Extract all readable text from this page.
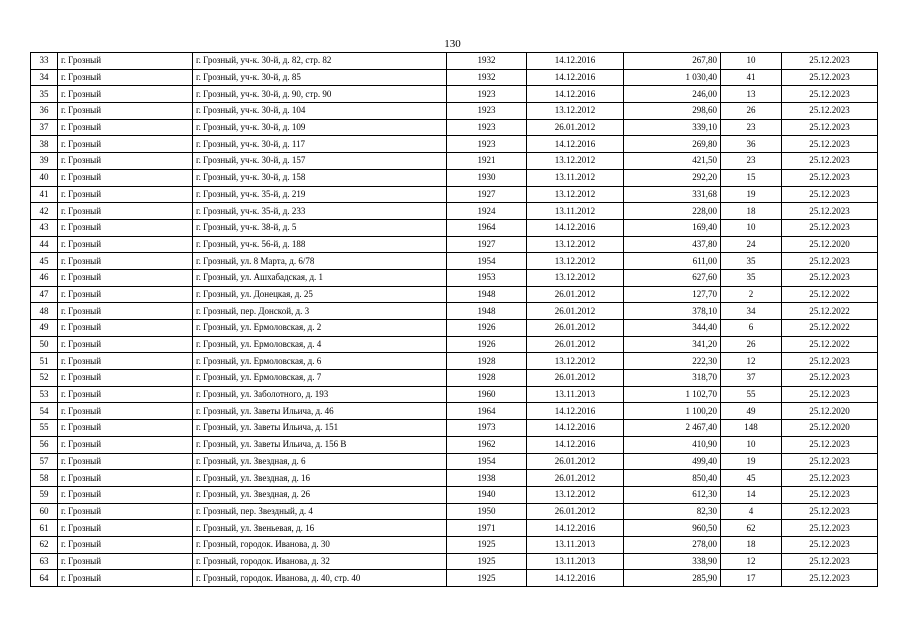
130
33	г. Грозный	г. Грозный, уч-к. 30-й, д. 82, стр. 82	1932	14.12.2016	267,80	10	25.12.2023
34	г. Грозный	г. Грозный, уч-к. 30-й, д. 85	1932	14.12.2016	1 030,40	41	25.12.2023
35	г. Грозный	г. Грозный, уч-к. 30-й, д. 90, стр. 90	1923	14.12.2016	246,00	13	25.12.2023
36	г. Грозный	г. Грозный, уч-к. 30-й, д. 104	1923	13.12.2012	298,60	26	25.12.2023
37	г. Грозный	г. Грозный, уч-к. 30-й, д. 109	1923	26.01.2012	339,10	23	25.12.2023
38	г. Грозный	г. Грозный, уч-к. 30-й, д. 117	1923	14.12.2016	269,80	36	25.12.2023
39	г. Грозный	г. Грозный, уч-к. 30-й, д. 157	1921	13.12.2012	421,50	23	25.12.2023
40	г. Грозный	г. Грозный, уч-к. 30-й, д. 158	1930	13.11.2012	292,20	15	25.12.2023
41	г. Грозный	г. Грозный, уч-к. 35-й, д. 219	1927	13.12.2012	331,68	19	25.12.2023
42	г. Грозный	г. Грозный, уч-к. 35-й, д. 233	1924	13.11.2012	228,00	18	25.12.2023
43	г. Грозный	г. Грозный, уч-к. 38-й, д. 5	1964	14.12.2016	169,40	10	25.12.2023
44	г. Грозный	г. Грозный, уч-к. 56-й, д. 188	1927	13.12.2012	437,80	24	25.12.2020
45	г. Грозный	г. Грозный, ул. 8 Марта, д. 6/78	1954	13.12.2012	611,00	35	25.12.2023
46	г. Грозный	г. Грозный, ул. Ашхабадская, д. 1	1953	13.12.2012	627,60	35	25.12.2023
47	г. Грозный	г. Грозный, ул. Донецкая, д. 25	1948	26.01.2012	127,70	2	25.12.2022
48	г. Грозный	г. Грозный, пер. Донской, д. 3	1948	26.01.2012	378,10	34	25.12.2022
49	г. Грозный	г. Грозный, ул. Ермоловская, д. 2	1926	26.01.2012	344,40	6	25.12.2022
50	г. Грозный	г. Грозный, ул. Ермоловская, д. 4	1926	26.01.2012	341,20	26	25.12.2022
51	г. Грозный	г. Грозный, ул. Ермоловская, д. 6	1928	13.12.2012	222,30	12	25.12.2023
52	г. Грозный	г. Грозный, ул. Ермоловская, д. 7	1928	26.01.2012	318,70	37	25.12.2023
53	г. Грозный	г. Грозный, ул. Заболотного, д. 193	1960	13.11.2013	1 102,70	55	25.12.2023
54	г. Грозный	г. Грозный, ул. Заветы Ильича, д. 46	1964	14.12.2016	1 100,20	49	25.12.2020
55	г. Грозный	г. Грозный, ул. Заветы Ильича, д. 151	1973	14.12.2016	2 467,40	148	25.12.2020
56	г. Грозный	г. Грозный, ул. Заветы Ильича, д. 156 В	1962	14.12.2016	410,90	10	25.12.2023
57	г. Грозный	г. Грозный, ул. Звездная, д. 6	1954	26.01.2012	499,40	19	25.12.2023
58	г. Грозный	г. Грозный, ул. Звездная, д. 16	1938	26.01.2012	850,40	45	25.12.2023
59	г. Грозный	г. Грозный, ул. Звездная, д. 26	1940	13.12.2012	612,30	14	25.12.2023
60	г. Грозный	г. Грозный, пер. Звездный, д. 4	1950	26.01.2012	82,30	4	25.12.2023
61	г. Грозный	г. Грозный, ул. Звеньевая, д. 16	1971	14.12.2016	960,50	62	25.12.2023
62	г. Грозный	г. Грозный, городок. Иванова, д. 30	1925	13.11.2013	278,00	18	25.12.2023
63	г. Грозный	г. Грозный, городок. Иванова, д. 32	1925	13.11.2013	338,90	12	25.12.2023
64	г. Грозный	г. Грозный, городок. Иванова, д. 40, стр. 40	1925	14.12.2016	285,90	17	25.12.2023
